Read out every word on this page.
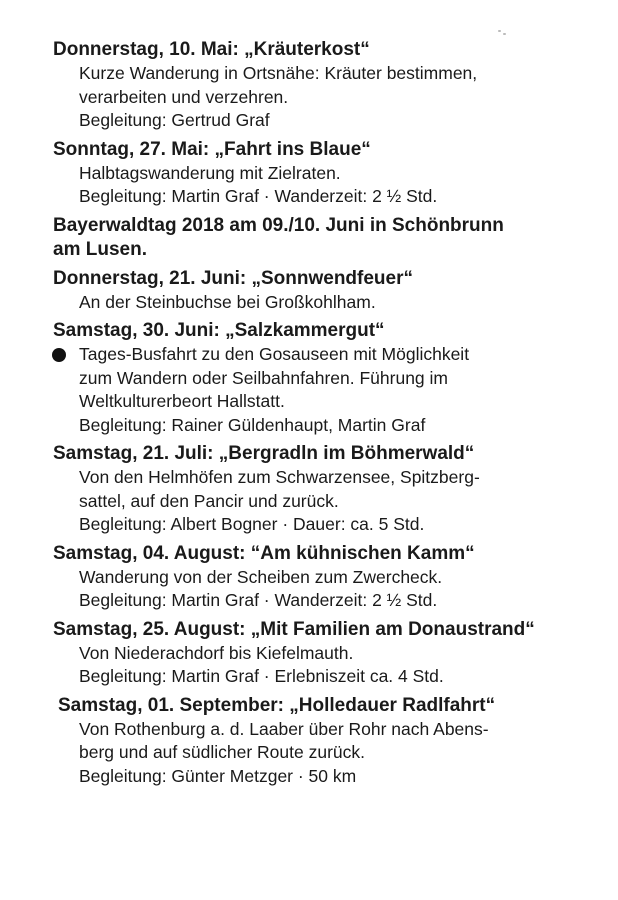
Donnerstag, 10. Mai: „Kräuterkost“

Kurze Wanderung in Ortsnähe: Kräuter bestimmen,
verarbeiten und verzehren.
Begleitung: Gertrud Graf

Sonntag, 27. Mai: „Fahrt ins Blaue“

Halbtagswanderung mit Zielraten.
Begleitung: Martin Graf · Wanderzeit: 2 ½ Std.

Bayerwaldtag 2018 am 09./10. Juni in Schönbrunn

am Lusen.

Donnerstag, 21. Juni: „Sonnwendfeuer“

An der Steinbuchse bei Großkohlham.

Samstag, 30. Juni: „Salzkammergut“

Tages-Busfahrt zu den Gosauseen mit Möglichkeit
zum Wandern oder Seilbahnfahren. Führung im
Weltkulturerbeort Hallstatt.
Begleitung: Rainer Güldenhaupt, Martin Graf

Samstag, 21. Juli: „Bergradln im Böhmerwald“

Von den Helmhöfen zum Schwarzensee, Spitzberg-
sattel, auf den Pancir und zurück.
Begleitung: Albert Bogner · Dauer: ca. 5 Std.

Samstag, 04. August: “Am kühnischen Kamm“

Wanderung von der Scheiben zum Zwercheck.
Begleitung: Martin Graf · Wanderzeit: 2 ½ Std.

Samstag, 25. August: „Mit Familien am Donaustrand“

Von Niederachdorf bis Kiefelmauth.
Begleitung: Martin Graf · Erlebniszeit ca. 4 Std.

Samstag, 01. September: „Holledauer Radlfahrt“

Von Rothenburg a. d. Laaber über Rohr nach Abens-
berg und auf südlicher Route zurück.
Begleitung: Günter Metzger · 50 km
